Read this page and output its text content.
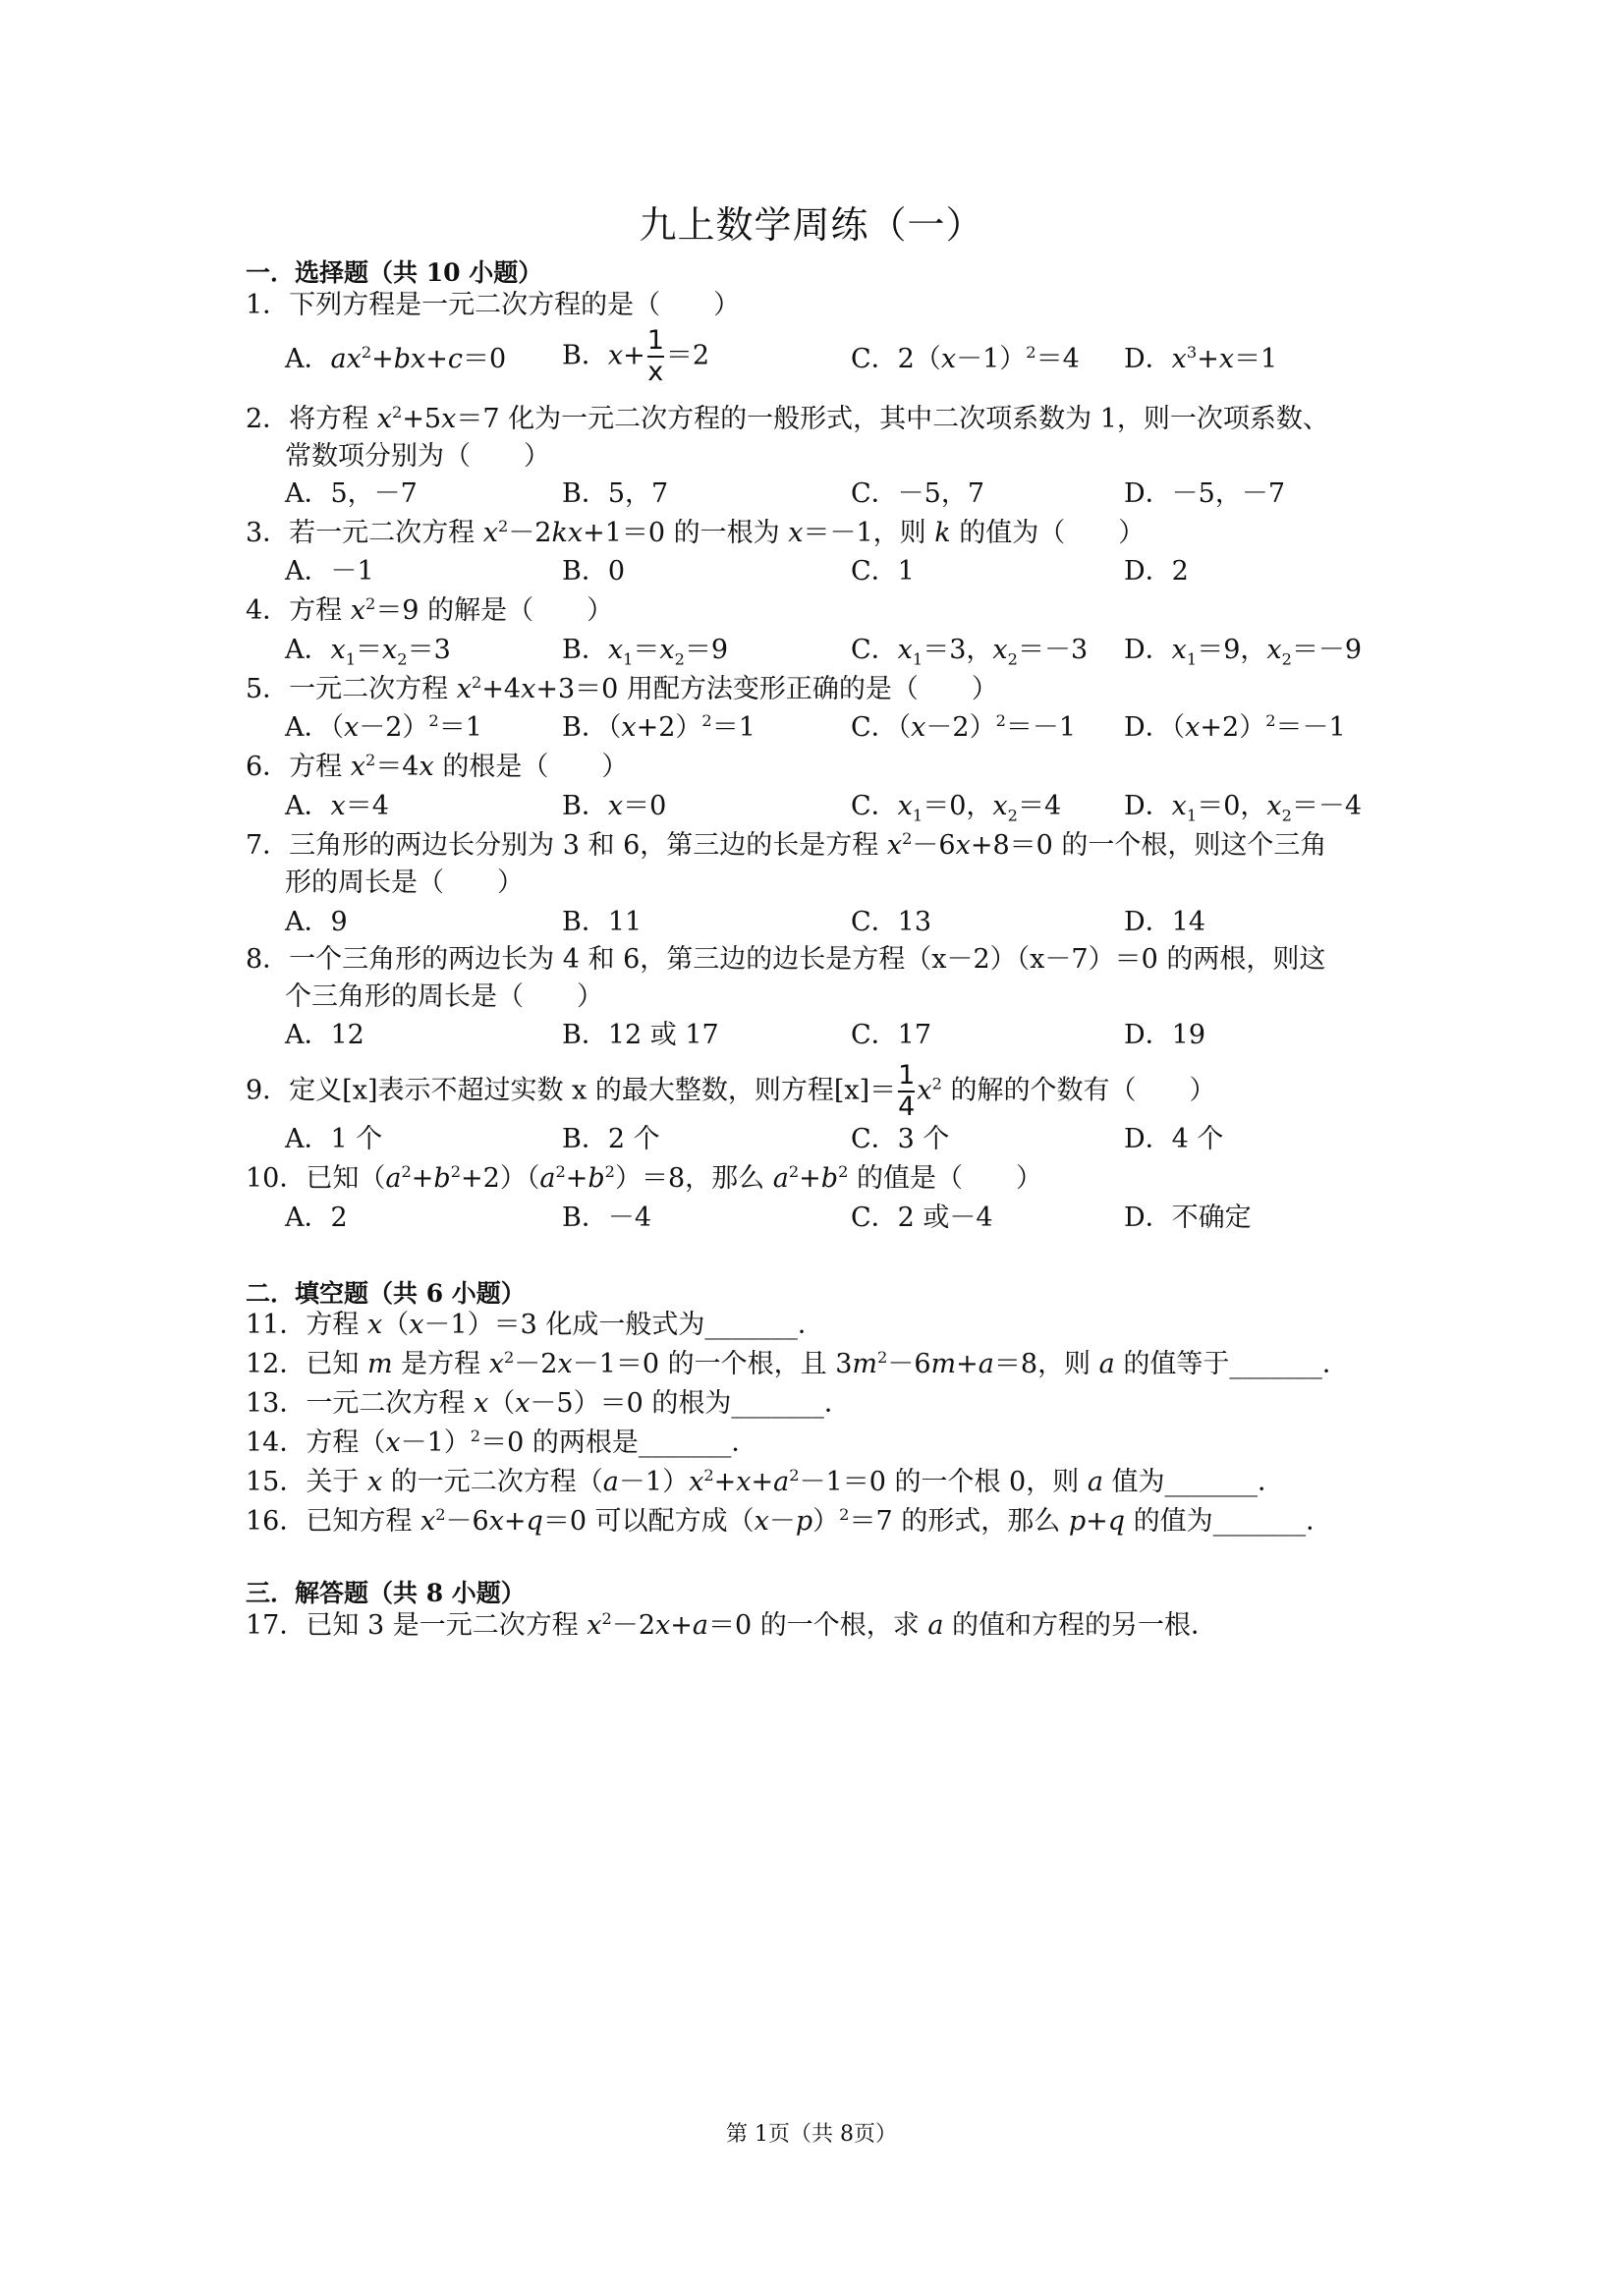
九上数学周练（一）
一．选择题（共 10 小题）
1．下列方程是一元二次方程的是（　　）
A．$ax^2+bx+c=0$ B．$x+ \frac{1}{x} =2$	C．$2(x-1)^2=4$ D．$x^3+x=1$
2．将方程 $x^2+5x=7$ 化为一元二次方程的一般形式，其中二次项系数为 1，则一次项系数、
常数项分别为（　　）
A．5，－7	B．5，7	C．－5，7	D．－5，－7
3．若一元二次方程 $x^2-2kx+1=0$ 的一根为 x＝－1，则 k 的值为（　　）
A．－1	B．0	C．1	D．2
4．方程 $x^2=9$ 的解是（　　）
A．$x_1=x_2=3$	B．$x_1=x_2=9$	C．$x_1=3$，$x_2=-3$ D．$x_1=9$，$x_2=-9$
5．一元二次方程 $x^2+4x+3=0$ 用配方法变形正确的是（　　）
A．$(x-2)^2=1$	B．$(x+2)^2=1$	C．$(x-2)^2=-1$ D．$(x+2)^2=-1$
6．方程 $x^2=4x$ 的根是（　　）
A．x＝4	B．x＝0	C．$x_1=0$，$x_2=4$ D．$x_1=0$，$x_2=-4$
7．三角形的两边长分别为 3 和 6，第三边的长是方程 $x^2-6x+8=0$ 的一个根，则这个三角
形的周长是（　　）
A．9	B．11	C．13	D．14
8．一个三角形的两边长为 4 和 6，第三边的边长是方程（x－2）（x－7）＝0 的两根，则这
个三角形的周长是（　　）
A．12	B．12 或 17	C．17	D．19
9．定义[x]表示不超过实数 x 的最大整数，则方程$[x]= \frac{1}{4} x^2$ 的解的个数有（　　）
A．1 个	B．2 个	C．3 个	D．4 个
10．已知$(a^2+b^2+2)(a^2+b^2)=8$，那么 $a^2+b^2$ 的值是（　　）
A．2	B．－4	C．2 或－4	D．不确定
二．填空题（共 6 小题）
11．方程 x（x－1）＝3 化成一般式为_______．
12．已知 m 是方程 $x^2-2x-1=0$ 的一个根，且 $3m^2-6m+a=8$，则 a 的值等于_______．
13．一元二次方程 x（x－5）＝0 的根为_______．
14．方程$(x-1)^2=0$ 的两根是_______．
15．关于 x 的一元二次方程$(a-1)x^2+x+a^2-1=0$ 的一个根 0，则 a 值为_______．
16．已知方程 $x^2-6x+q=0$ 可以配方成$(x-p)^2=7$ 的形式，那么 p+q 的值为_______．
三．解答题（共 8 小题）
17．已知 3 是一元二次方程 $x^2-2x+a=0$ 的一个根，求 a 的值和方程的另一根．
第 1页（共 8页）
